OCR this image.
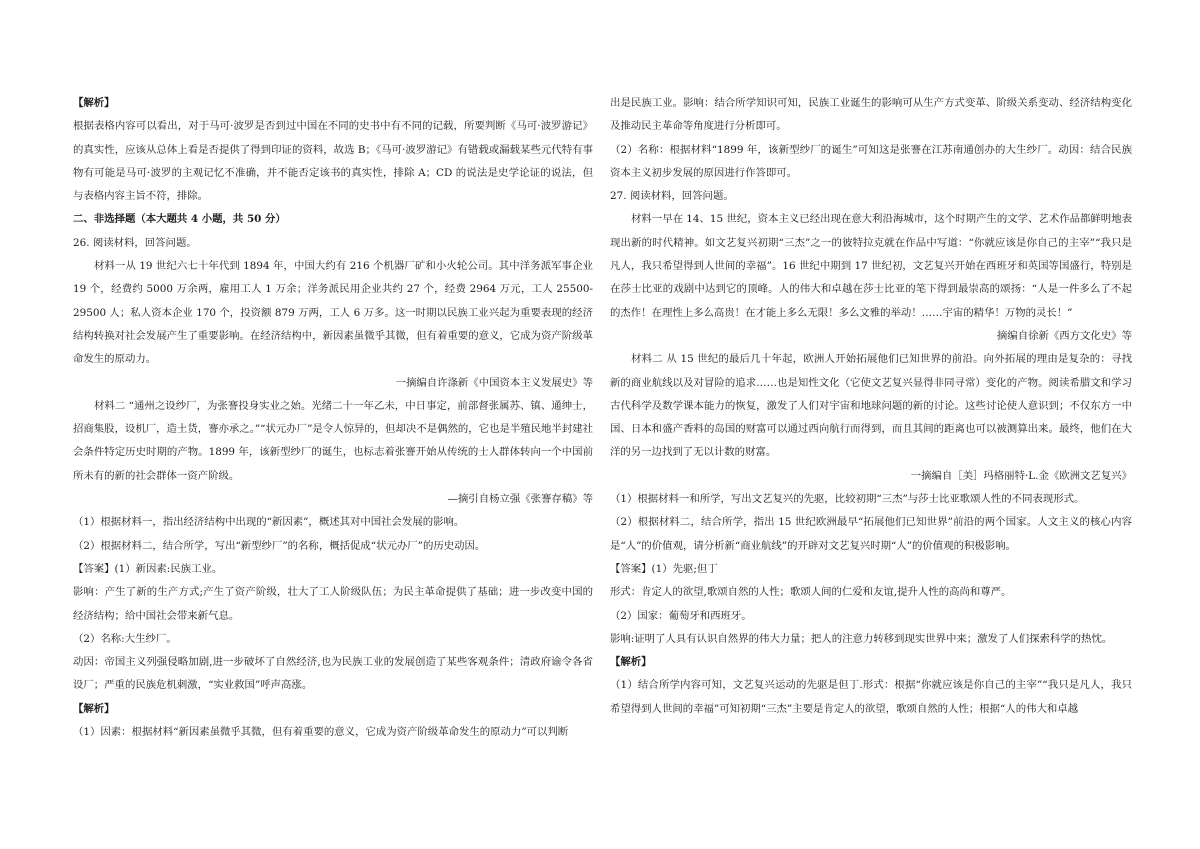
【解析】

根据表格内容可以看出，对于马可·波罗是否到过中国在不同的史书中有不同的记载，所要判断《马可·波罗游记》的真实性，应该从总体上看是否提供了得到印证的资料，故选 B；《马可·波罗游记》有错载或漏载某些元代特有事物有可能是马可·波罗的主观记忆不准确，并不能否定该书的真实性，排除 A；CD 的说法是史学论证的说法，但与表格内容主旨不符，排除。

二、非选择题（本大题共 4 小题，共 50 分）

26. 阅读材料，回答问题。

材料一从 19 世纪六七十年代到 1894 年，中国大约有 216 个机器厂矿和小火轮公司。其中洋务派军事企业 19 个，经费约 5000 万余两，雇用工人 1 万余；洋务派民用企业共约 27 个，经费 2964 万元，工人 25500-29500 人；私人资本企业 170 个，投资额 879 万两，工人 6 万多。这一时期以民族工业兴起为重要表现的经济结构转换对社会发展产生了重要影响。在经济结构中，新因素虽微乎其微，但有着重要的意义，它成为资产阶级革命发生的原动力。

一摘编自许涤新《中国资本主义发展史》等

材料二 “通州之设纱厂，为张謇投身实业之始。光绪二十一年乙未，中日事定，前部督张属苏、镇、通绅士，招商集股，设机厂，造土货，謇亦承之。”“状元办厂”是令人惊异的，但却决不是偶然的，它也是半殖民地半封建社会条件特定历史时期的产物。1899 年，该新型纱厂的诞生，也标志着张謇开始从传统的士人群体转向一个中国前所未有的新的社会群体一资产阶级。

—摘引自杨立强《张謇存稿》等

（1）根据材料一，指出经济结构中出现的“新因素”，概述其对中国社会发展的影响。

（2）根据材料二，结合所学，写出“新型纱厂”的名称，概括促成“状元办厂”的历史动因。

【答案】(1）新因素:民族工业。

影响：产生了新的生产方式;产生了资产阶级，壮大了工人阶级队伍；为民主革命提供了基础；进一步改变中国的经济结构；给中国社会带来新气息。

（2）名称:大生纱厂。

动因：帝国主义列强侵略加剧,进一步破坏了自然经济,也为民族工业的发展创造了某些客观条件；清政府谕令各省设厂；严重的民族危机刺激，“实业救国”呼声高涨。

【解析】

（1）因素：根据材料“新因素虽微乎其微，但有着重要的意义，它成为资产阶级革命发生的原动力”可以判断

出是民族工业。影响：结合所学知识可知，民族工业诞生的影响可从生产方式变革、阶级关系变动、经济结构变化及推动民主革命等角度进行分析即可。

（2）名称：根据材料“1899 年，该新型纱厂的诞生”可知这是张謇在江苏南通创办的大生纱厂。动因：结合民族资本主义初步发展的原因进行作答即可。

27. 阅读材料，回答问题。

材料一早在 14、15 世纪，资本主义已经出现在意大利沿海城市，这个时期产生的文学、艺术作品都鲜明地表现出新的时代精神。如文艺复兴初期“三杰”之一的彼特拉克就在作品中写道：“你就应该是你自己的主宰”“我只是凡人，我只希望得到人世间的幸福”。16 世纪中期到 17 世纪初，文艺复兴开始在西班牙和英国等国盛行，特别是在莎士比亚的戏剧中达到它的顶峰。人的伟大和卓越在莎士比亚的笔下得到最崇高的颂扬：“人是一件多么了不起的杰作！在理性上多么高贵！在才能上多么无限！多么文雅的举动！……宇宙的精华！万物的灵长！”

摘编自徐新《西方文化史》等

材料二 从 15 世纪的最后几十年起，欧洲人开始拓展他们已知世界的前沿。向外拓展的理由是复杂的：寻找新的商业航线以及对冒险的追求……也是知性文化（它使文艺复兴显得非同寻常）变化的产物。阅读希腊文和学习古代科学及数学课本能力的恢复，激发了人们对宇宙和地球问题的新的讨论。这些讨论使人意识到；不仅东方一中国、日本和盛产香料的岛国的财富可以通过西向航行而得到，而且其间的距离也可以被测算出来。最终，他们在大洋的另一边找到了无以计数的财富。

一摘编自［美］玛格丽特·L.金《欧洲文艺复兴》

（1）根据材料一和所学，写出文艺复兴的先驱，比较初期“三杰”与莎士比亚歌颂人性的不同表现形式。

（2）根据材料二，结合所学，指出 15 世纪欧洲最早“拓展他们已知世界”前沿的两个国家。人文主义的核心内容是“人”的价值观，请分析新“商业航线”的开辟对文艺复兴时期“人”的价值观的积极影响。

【答案】(1）先驱;但丁

形式：肯定人的欲望,歌颂自然的人性；歌颂人间的仁爱和友谊,提升人性的高尚和尊严。

（2）国家：葡萄牙和西班牙。

影响:证明了人具有认识自然界的伟大力量；把人的注意力转移到现实世界中来；激发了人们探索科学的热忱。

【解析】

（1）结合所学内容可知，文艺复兴运动的先驱是但丁.形式：根据“你就应该是你自己的主宰”“我只是凡人，我只希望得到人世间的幸福”可知初期“三杰”主要是肯定人的欲望，歌颂自然的人性；根据“人的伟大和卓越
